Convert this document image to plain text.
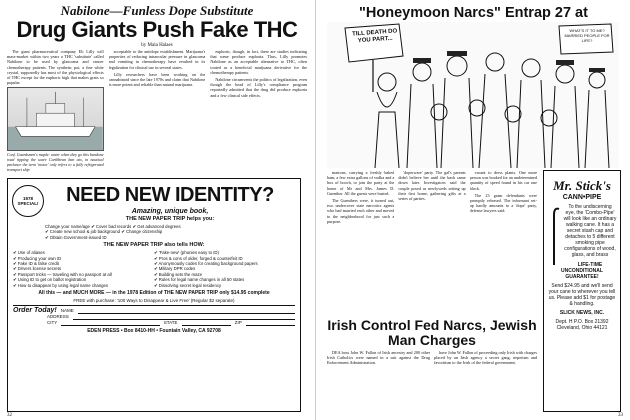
Nabilone—Funless Dope Substitute

Drug Giants Push Fake THC
by Mala Halaes

The giant pharmaceutical company Eli Lilly will mass-market within two years a THC 'substitute' called Nabilone to be used by glaucoma and cancer chemotherapy patients. The synthetic pot, a fine white crystal, supposedly has most of the physiological effects of THC except for the euphoric high that makes grass so popular.

Conf. Guardsmen's maple: water when they go this bundone road ripping the scare Caribbean ban ato, in nautical parlance the term 'motor' only refers to a fully refrigerated transport ship

acceptable to the antidope establishment. Marijuana's properties of reducing intraocular pressure in glaucoma and vomiting in chemotherapy have resulted in its legalization for clinical use in several states.

Lilly researchers have been working on the cannabinoid since the late 1970s and claim that Nabilone is more potent and reliable than natural marijuana.

euphoric, though, in fact, there are studies indicating that some produce euphoria. Thus, Lilly promotes Nabilone as an acceptable alternative to THC, often touted as a beneficial marijuana derivative for the chemotherapy patients.

Nabilone circumvents the politics of legalization, even though the head of Lilly's compliance program reportedly admitted that the drug did produce euphoria and a few clinical side effects.

1978 SPECIAL!	NEED NEW IDENTITY?
Amazing, unique book,
THE NEW PAPER TRIP helps you:
Change your name/age ✔ Cover bad records ✔ Get advanced degrees
✔ Create new school & job background ✔ Change citizenship
✔ Obtain Government-issued ID
THE NEW PAPER TRIP also tells HOW:
✔ Use of aliases
✔ Producing your own ID
✔ Fake ID & false credit
✔ Drivers license secrets
✔ Passport tricks — traveling with no passport at all
✔ Using ID to get on ballot registration
✔ How to disappear by using legal name changes
✔ 'Fake-new' (phonies easy to ID)
✔ Pros & cons of older, forged & counterfeit ID
✔ Anonymously codes for creating background papers
✔ Military DPR codes
✔ Building sets the maze
✔ Rules for legal name changes in all 50 states
✔ Dissolving secret legal residency
All this — and MUCH MORE — in the 1978 Edition of THE NEW PAPER TRIP only $14.95 complete
FREE with purchase: '100 Ways to Disappear & Live Free' (Regular $2 separate)
Order Today! NAME
ADDRESS
CITY	STATE	ZIP
EDEN PRESS • Box 8410-HH • Fountain Valley, CA 92708
32
"Honeymoon Narcs" Entrap 27 at
33
TILL DEATH DO YOU PART...
WHAT'S IT TO ME? MARRIED PEOPLE FOR LIFE?

matrons, carrying a freshly baked ham, a few extra gallons of vodka and a box of hooch, to join the party at the home of Mr and Mrs. James D. Guenther. All the guests were busted.

The Guenthers were, it turned out, two undercover state narcotics agents who had married each other and moved to the neighborhood for just such a purpose.

'doperware' party. The gal's parents didn't believe her until the bash came down later. Investigators said the couple posed as newlyweds setting up their first home, gathering gifts at a series of parties.

vacant to dress plants. One more person was booked for an undetermined quantity of speed found in his car one block.

The 23 gram defendants were promptly released. The informant set-up hardly amounts to a 'dope' party, defense lawyers said.

Mr. Stick's
CANN•PIPE
To the undiscerning eye, the 'Combo-Pipe' will look like an ordinary walking cane. It has a secret stash cap and detaches to 5 different smoking pipe configurations of wood, glass, and brass
LIFE-TIME UNCONDITIONAL GUARANTEE!
Send $24.95 and we'll send your cane to wherever you tell us. Please add $1 for postage & handling.
SLICK NEWS, INC.
Dept. H P.O. Box 21392 Cleveland, Ohio 44121
Irish Control Fed Narcs, Jewish Man Charges

DEA boss John W. Fallon of Irish ancestry and 200 other Irish Catholics were named in a suit against the Drug Enforcement Administration.

have John W. Fallon of proceeding only Irish with charges placed by an Irish agency a secret gang, nepotism and favoritism to the Irish of the federal government.
